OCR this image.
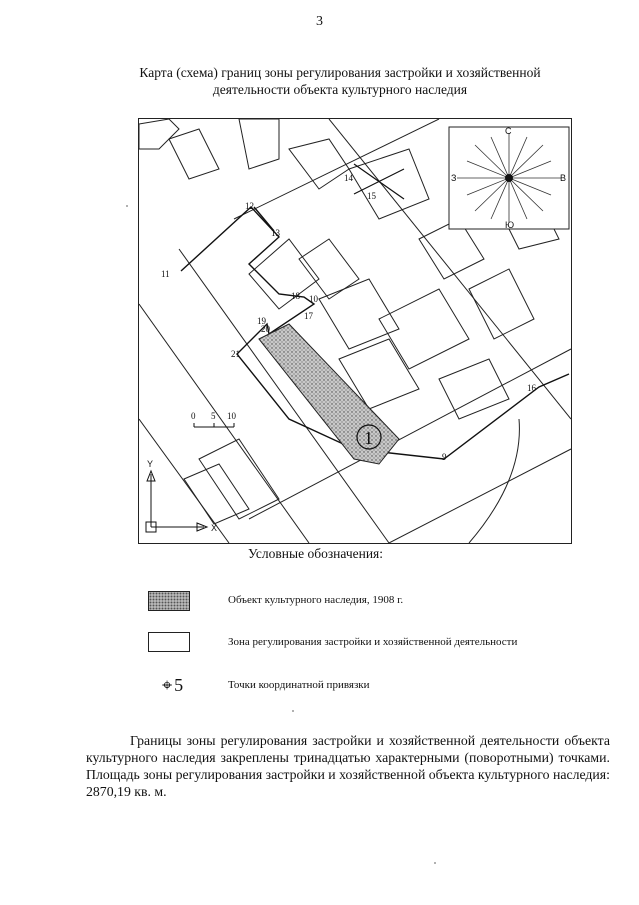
3
Карта (схема) границ зоны регулирования застройки и хозяйственной деятельности объекта культурного наследия
1
9
10
11
12
13
14
15
16
17
18
19
20
21
0 5 10
Y
X
С
Ю
В
З
Условные обозначения:
Объект культурного наследия, 1908 г.
Зона регулирования застройки и хозяйственной деятельности
⌖ 5	Точки координатной привязки
Границы зоны регулирования застройки и хозяйственной деятельности объекта культурного наследия закреплены тринадцатью характерными (поворотными) точками. Площадь зоны регулирования застройки и хозяйственной объекта культурного наследия: 2870,19 кв. м.
